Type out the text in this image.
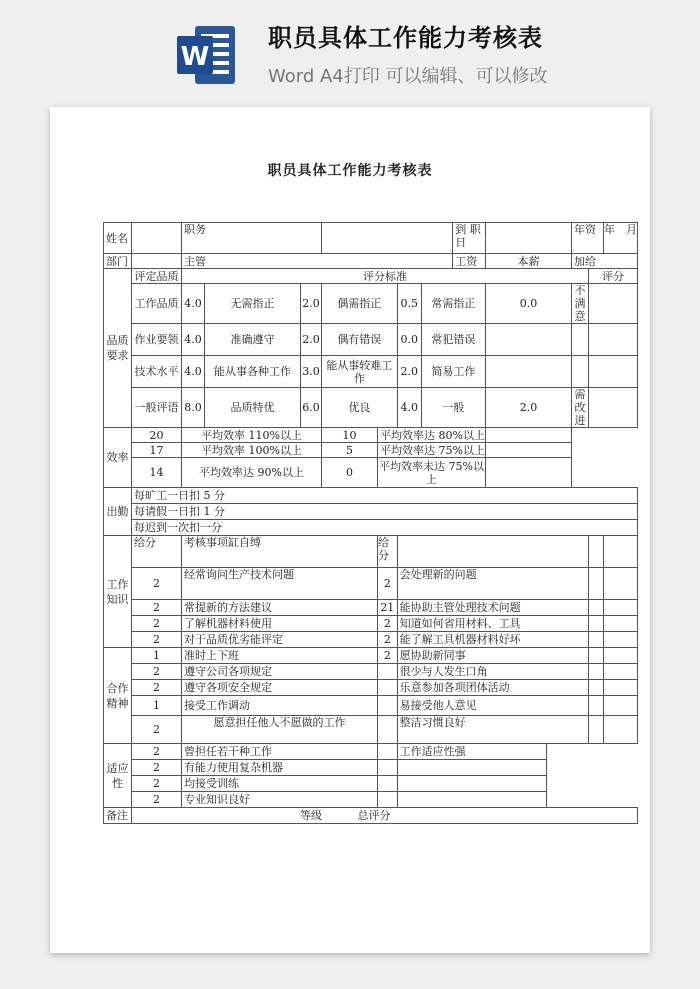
W
职员具体工作能力考核表
Word A4打印 可以编辑、可以修改
职员具体工作能力考核表
姓名		职务							到 职日			年资		年　月
部门		主管							工资	本薪		加给		
品质要求	评定品质	评分标准											评分	
	工作品质	4.0	无需指正	2.0	偶需指正		0.5	常需指正		0.0		不满意		
	作业要领	4.0	准确遵守	2.0	偶有错误		0.0	常犯错误						
	技术水平	4.0	能从事各种工作	3.0	能从事较难工作		2.0	简易工作						
	一般评语	8.0	品质特优	6.0	优良		4.0	一般		2.0		需改进		
效率	20	平均效率 110%以上			10	平均效率达 80%以上								
	17	平均效率 100%以上			5	平均效率达 75%以上								
	14	平均效率达 90%以上			0	平均效率未达 75%以上								
出勤	每旷工一日扣 5 分													
	每请假一日扣 1 分													
	每迟到一次扣一分													
工作知识	给分	考核事项缸自缚				给分								
	2	经常询问生产技术问题				2	会处理新的问题							
	2	常提新的方法建议				21	能协助主管处理技术问题							
	2	了解机器材料使用				2	知道如何省用材料、工具							
	2	对于品质优劣能评定				2	能了解工具机器材料好坏							
合作精神	1	准时上下班				2	愿协助新同事							
	2	遵守公司各项规定					很少与人发生口角							
	2	遵守各项安全规定					乐意参加各项团体活动							
	1	接受工作调动					易接受他人意见							
	2	愿意担任他人不愿做的工作					整洁习惯良好							
适应性	2	曾担任若干种工作					工作适应性强							
	2	有能力使用复杂机器												
	2	均接受训练												
	2	专业知识良好												
备注	等级 总评分													
